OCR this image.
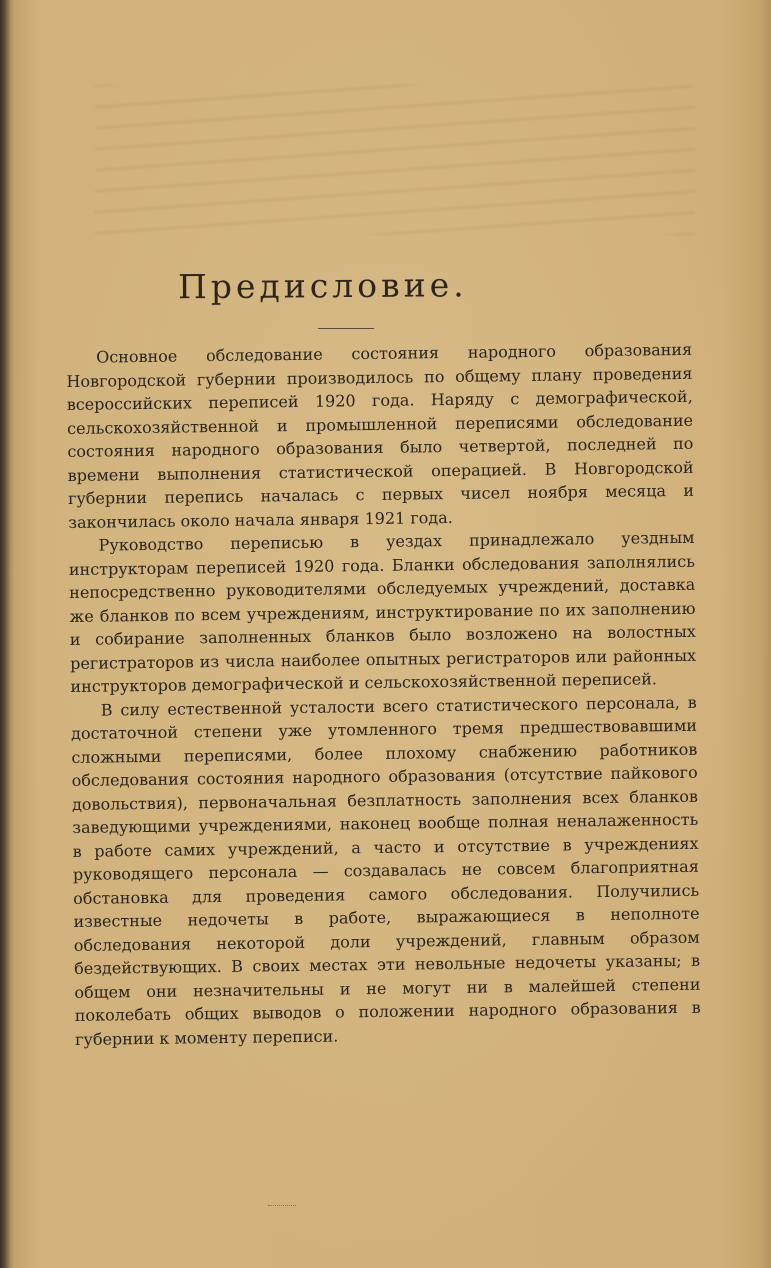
Предисловие.

Основное обследование состояния народного образования Новгородской губернии производилось по общему плану проведения всероссийских переписей 1920 года. Наряду с демографической, сельскохозяйственной и промышленной переписями обследование состояния народного образования было четвертой, последней по времени выполнения статистической операцией. В Новгородской губернии перепись началась с первых чисел ноября месяца и закончилась около начала января 1921 года.

Руководство переписью в уездах принадлежало уездным инструкторам переписей 1920 года. Бланки обследования заполнялись непосредственно руководителями обследуемых учреждений, доставка же бланков по всем учреждениям, инструктирование по их заполнению и собирание заполненных бланков было возложено на волостных регистраторов из числа наиболее опытных регистраторов или районных инструкторов демографической и сельскохозяйственной переписей.

В силу естественной усталости всего статистического персонала, в достаточной степени уже утомленного тремя предшествовавшими сложными переписями, более плохому снабжению работников обследования состояния народного образования (отсутствие пайкового довольствия), первоначальная безплатность заполнения всех бланков заведующими учреждениями, наконец вообще полная неналаженность в работе самих учреждений, а часто и отсутствие в учреждениях руководящего персонала — создавалась не совсем благоприятная обстановка для проведения самого обследования. Получились известные недочеты в работе, выражающиеся в неполноте обследования некоторой доли учреждений, главным образом бездействующих. В своих местах эти невольные недочеты указаны; в общем они незначительны и не могут ни в малейшей степени поколебать общих выводов о положении народного образования в губернии к моменту переписи.
